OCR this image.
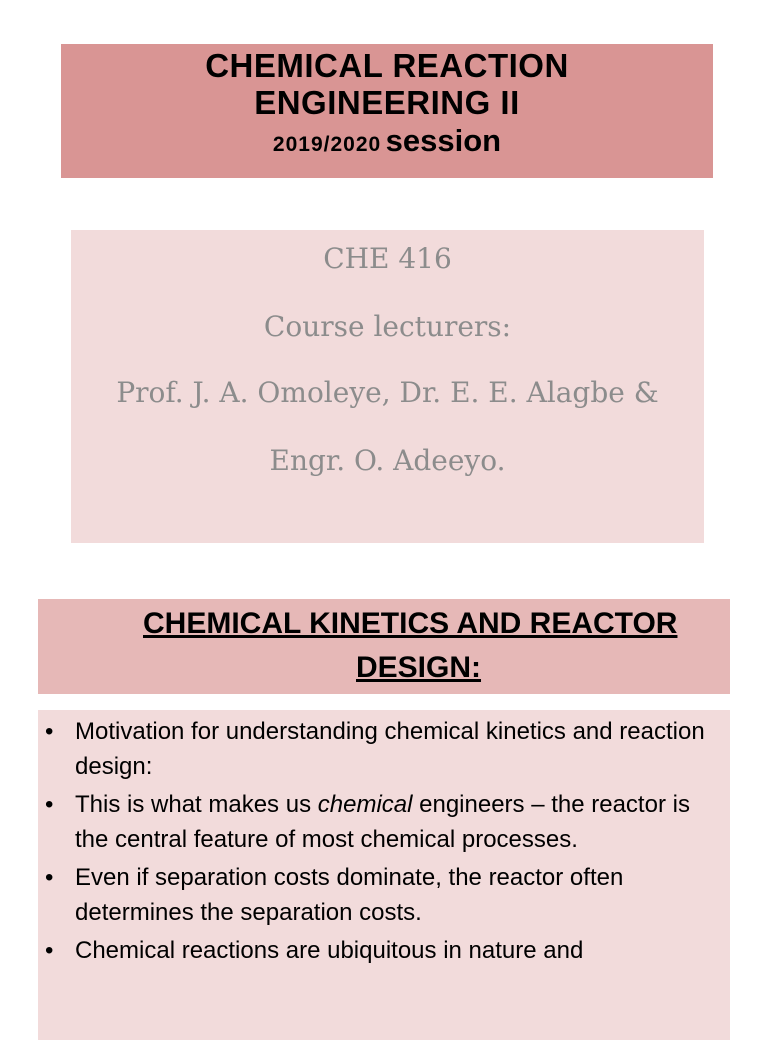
CHEMICAL REACTION
ENGINEERING II
2019/2020 session
CHE 416
Course lecturers:
Prof. J. A. Omoleye, Dr. E. E. Alagbe &
Engr. O. Adeeyo.
CHEMICAL KINETICS AND REACTOR
DESIGN:
• Motivation for understanding chemical kinetics and reaction design:
• This is what makes us chemical engineers – the reactor is the central feature of most chemical processes.
• Even if separation costs dominate, the reactor often determines the separation costs.
• Chemical reactions are ubiquitous in nature and
